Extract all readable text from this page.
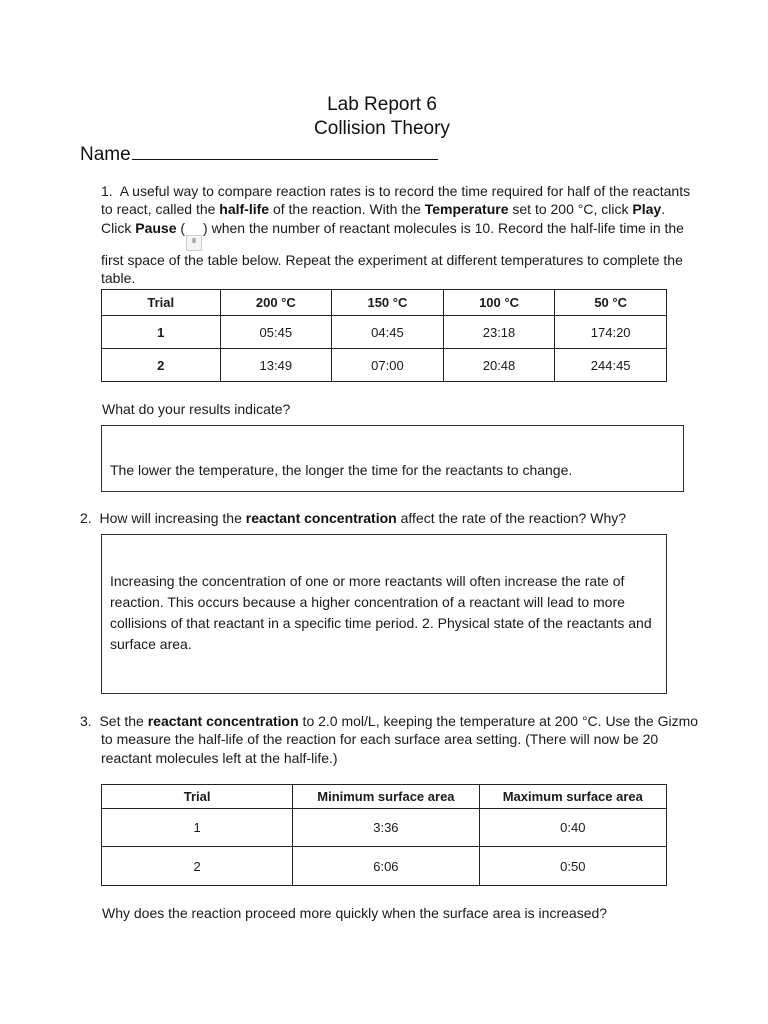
Lab Report 6
Collision Theory
Name
1. A useful way to compare reaction rates is to record the time required for half of the reactants to react, called the half-life of the reaction. With the Temperature set to 200 °C, click Play. Click Pause (II) when the number of reactant molecules is 10. Record the half-life time in the first space of the table below. Repeat the experiment at different temperatures to complete the table.
Trial	200 °C	150 °C	100 °C	50 °C
1	05:45	04:45	23:18	174:20
2	13:49	07:00	20:48	244:45
What do your results indicate?
The lower the temperature, the longer the time for the reactants to change.
2. How will increasing the reactant concentration affect the rate of the reaction? Why?
Increasing the concentration of one or more reactants will often increase the rate of reaction. This occurs because a higher concentration of a reactant will lead to more collisions of that reactant in a specific time period. 2. Physical state of the reactants and surface area.
3. Set the reactant concentration to 2.0 mol/L, keeping the temperature at 200 °C. Use the Gizmo to measure the half-life of the reaction for each surface area setting. (There will now be 20 reactant molecules left at the half-life.)
Trial	Minimum surface area	Maximum surface area
1	3:36	0:40
2	6:06	0:50
Why does the reaction proceed more quickly when the surface area is increased?
